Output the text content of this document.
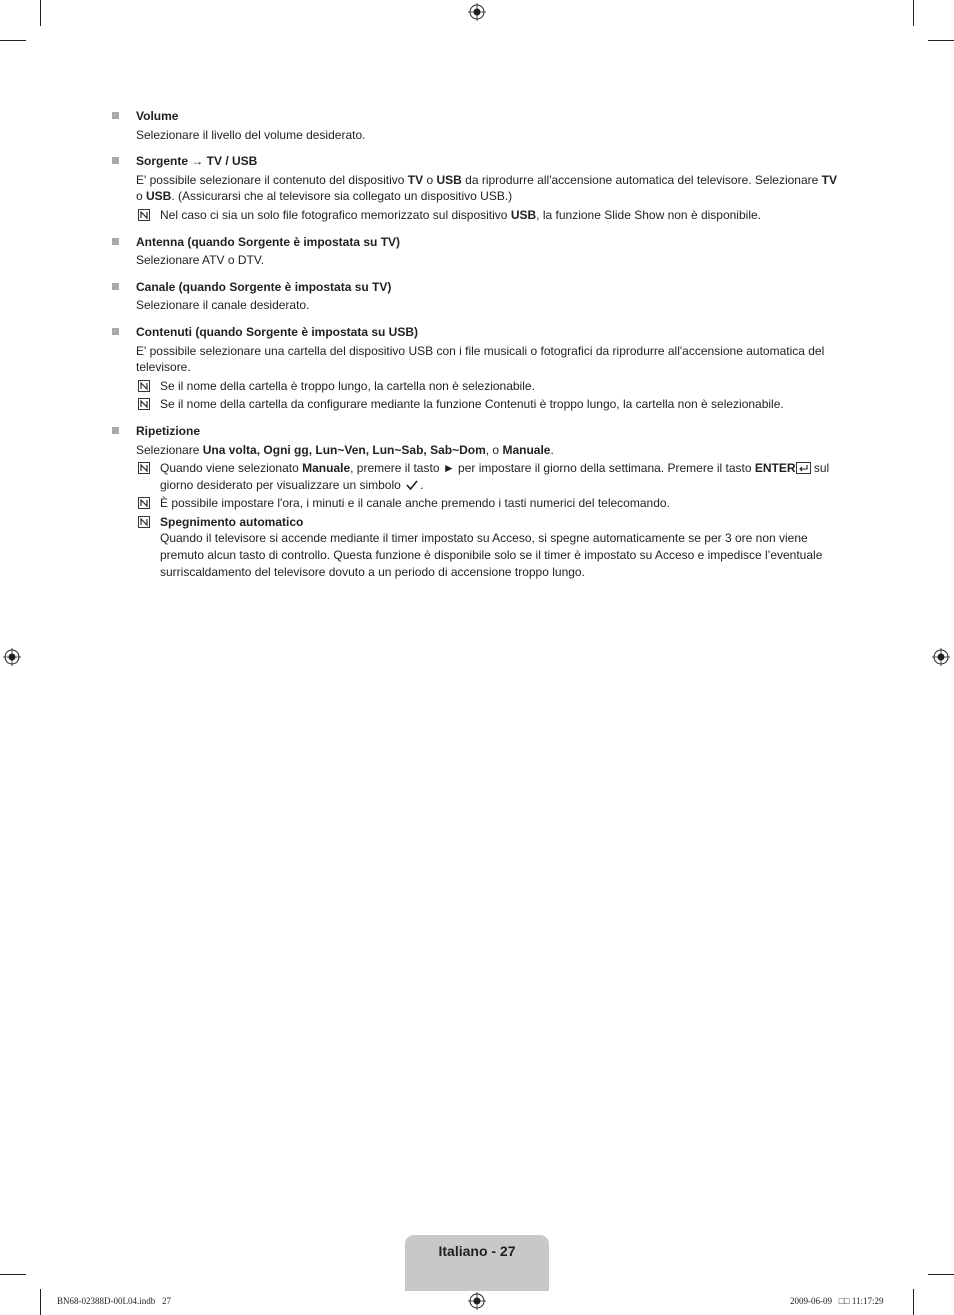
Volume
Selezionare il livello del volume desiderato.
Sorgente → TV / USB
E' possibile selezionare il contenuto del dispositivo TV o USB da riprodurre all'accensione automatica del televisore. Selezionare TV o USB. (Assicurarsi che al televisore sia collegato un dispositivo USB.)
Nel caso ci sia un solo file fotografico memorizzato sul dispositivo USB, la funzione Slide Show non è disponibile.
Antenna (quando Sorgente è impostata su TV)
Selezionare ATV o DTV.
Canale (quando Sorgente è impostata su TV)
Selezionare il canale desiderato.
Contenuti (quando Sorgente è impostata su USB)
E' possibile selezionare una cartella del dispositivo USB con i file musicali o fotografici da riprodurre all'accensione automatica del televisore.
Se il nome della cartella è troppo lungo, la cartella non è selezionabile.
Se il nome della cartella da configurare mediante la funzione Contenuti è troppo lungo, la cartella non è selezionabile.
Ripetizione
Selezionare Una volta, Ogni gg, Lun~Ven, Lun~Sab, Sab~Dom, o Manuale.
Quando viene selezionato Manuale, premere il tasto ► per impostare il giorno della settimana. Premere il tasto ENTER sul giorno desiderato per visualizzare un simbolo .
È possibile impostare l'ora, i minuti e il canale anche premendo i tasti numerici del telecomando.
Spegnimento automatico
Quando il televisore si accende mediante il timer impostato su Acceso, si spegne automaticamente se per 3 ore non viene premuto alcun tasto di controllo. Questa funzione è disponibile solo se il timer è impostato su Acceso e impedisce l’eventuale surriscaldamento del televisore dovuto a un periodo di accensione troppo lungo.
Italiano - 27
BN68-02388D-00L04.indb   27	2009-06-09   □□ 11:17:29
